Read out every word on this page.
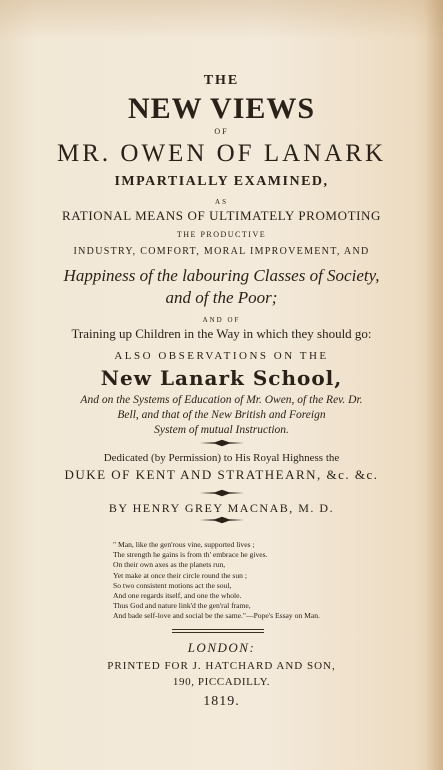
THE
NEW VIEWS
OF
MR. OWEN OF LANARK
IMPARTIALLY EXAMINED,
AS
RATIONAL MEANS OF ULTIMATELY PROMOTING
THE PRODUCTIVE
INDUSTRY, COMFORT, MORAL IMPROVEMENT, AND
Happiness of the labouring Classes of Society,
and of the Poor;
AND OF
Training up Children in the Way in which they should go:
ALSO OBSERVATIONS ON THE
New Lanark School,
And on the Systems of Education of Mr. Owen, of the Rev. Dr.
Bell, and that of the New British and Foreign
System of mutual Instruction.
Dedicated (by Permission) to His Royal Highness the
DUKE OF KENT AND STRATHEARN, &c. &c.
BY HENRY GREY MACNAB, M. D.
" Man, like the gen'rous vine, supported lives ;
The strength he gains is from th' embrace he gives.
On their own axes as the planets run,
Yet make at once their circle round the sun ;
So two consistent motions act the soul,
And one regards itself, and one the whole.
Thus God and nature link'd the gen'ral frame,
And bade self-love and social be the same."—Pope's Essay on Man.
LONDON:
PRINTED FOR J. HATCHARD AND SON,
190, PICCADILLY.
1819.
